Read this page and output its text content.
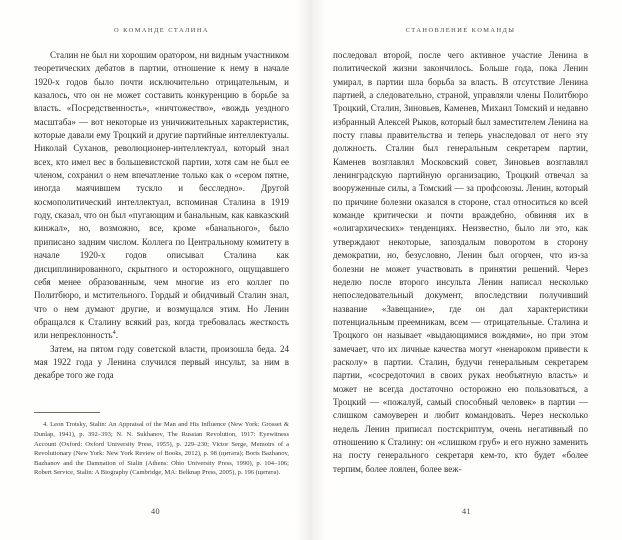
О КОМАНДЕ СТАЛИНА

Сталин не был ни хорошим оратором, ни видным участником теоретических дебатов в партии, отношение к нему в начале 1920-х годов было почти исключительно отрицательным, и казалось, что он не может составить конкуренцию в борьбе за власть. «Посредственность», «ничтожество», «вождь уездного масштаба» — вот некоторые из уничижительных характеристик, которые давали ему Троцкий и другие партийные интеллектуалы. Николай Суханов, революционер-интеллектуал, который знал всех, кто имел вес в большевистской партии, хотя сам не был ее членом, сохранил о нем впечатление только как о «сером пятне, иногда маячившем тускло и бесследно». Другой космополитический интеллектуал, вспоминая Сталина в 1919 году, сказал, что он был «пугающим и банальным, как кавказский кинжал», но, возможно, все, кроме «банального», было приписано задним числом. Коллега по Центральному комитету в начале 1920-х годов описывал Сталина как дисциплинированного, скрытного и осторожного, ощущавшего себя менее образованным, чем многие из его коллег по Политбюро, и мстительного. Гордый и обидчивый Сталин знал, что о нем думают другие, и возмущался этим. Но Ленин обращался к Сталину всякий раз, когда требовалась жесткость или непреклонность$^4$.

Затем, на пятом году советской власти, произошла беда. 24 мая 1922 года у Ленина случился первый инсульт, за ним в декабре того же года

4. Leon Trotsky, Stalin: An Appraisal of the Man and His Influence (New York: Grosset & Dunlap, 1941), p. 392–393; N. N. Sukhanov, The Russian Revolution, 1917: Eyewitness Account (Oxford: Oxford University Press, 1955), p. 229–230; Victor Serge, Memoirs of a Revolutionary (New York: New York Review of Books, 2012), p. 98 (цитата); Boris Bazhanov, Bazhanov and the Damnation of Stalin (Athens: Ohio University Press, 1990), p. 104–106; Robert Service, Stalin: A Biography (Cambridge, MA: Belknap Press, 2005), p. 196 (цитата).
40
СТАНОВЛЕНИЕ КОМАНДЫ

последовал второй, после чего активное участие Ленина в политической жизни закончилось. Больше года, пока Ленин умирал, в партии шла борьба за власть. В отсутствие Ленина партией, а следовательно, страной, управляли члены Политбюро Троцкий, Сталин, Зиновьев, Каменев, Михаил Томский и недавно избранный Алексей Рыков, который был заместителем Ленина на посту главы правительства и теперь унаследовал от него эту должность. Сталин был генеральным секретарем партии, Каменев возглавлял Московский совет, Зиновьев возглавлял ленинградскую партийную организацию, Троцкий отвечал за вооруженные силы, а Томский — за профсоюзы. Ленин, который по причине болезни оказался в стороне, стал относиться ко всей команде критически и почти враждебно, обвиняя их в «олигархических» тенденциях. Неизвестно, было ли это, как утверждают некоторые, запоздалым поворотом в сторону демократии, но, безусловно, Ленин был огорчен, что из-за болезни не может участвовать в принятии решений. Через неделю после второго инсульта Ленин написал несколько непоследовательный документ, впоследствии получивший название «Завещание», где он дал характеристики потенциальным преемникам, всем — отрицательные. Сталина и Троцкого он называет «выдающимися вождями», но при этом замечает, что их личные качества могут «ненароком привести к расколу» в партии. Сталин, будучи генеральным секретарем партии, «сосредоточил в своих руках необъятную власть» и может не всегда достаточно осторожно ею пользоваться, а Троцкий — «пожалуй, самый способный человек» в партии — слишком самоуверен и любит командовать. Через несколько недель Ленин приписал постскриптум, очень негативный по отношению к Сталину: он «слишком груб» и его нужно заменить на посту генерального секретаря кем-то, кто будет «более терпим, более лоялен, более веж-

41
